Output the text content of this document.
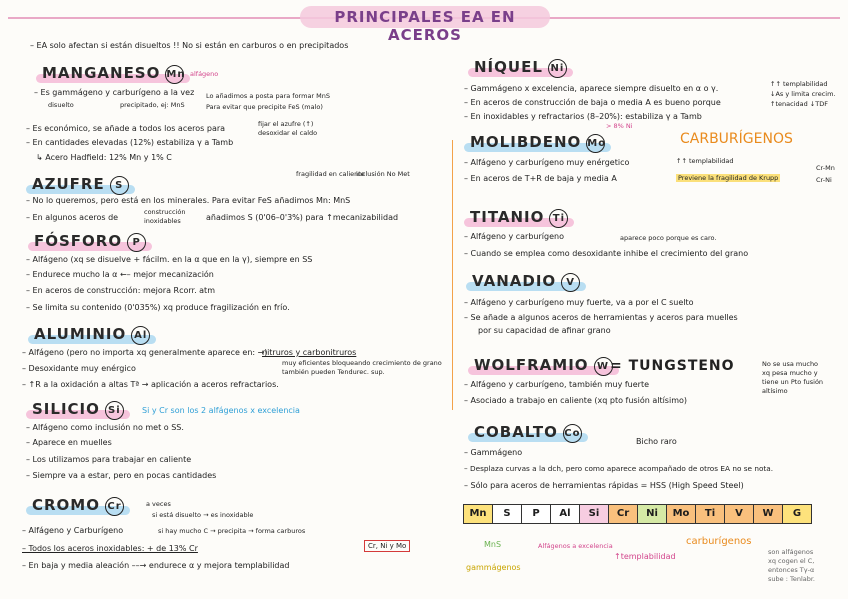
PRINCIPALES EA EN ACEROS
– EA solo afectan si están disueltos !! No si están en carburos o en precipitados
MANGANESO Mn alfágeno
– Es gammágeno y carburígeno a la vez
disuelto	precipitado, ej: MnS
Lo añadimos a posta para formar MnS
Para evitar que precipite FeS (malo)
– Es económico, se añade a todos los aceros para	fijar el azufre (↑)
desoxidar el caldo
– En cantidades elevadas (12%) estabiliza γ a Tamb
↳ Acero Hadfield: 12% Mn y 1% C
AZUFRE S
fragilidad en caliente
inclusión No Met
– No lo queremos, pero está en los minerales. Para evitar FeS añadimos Mn: MnS
– En algunos aceros de
construcción
inoxidables	añadimos S (0'06–0'3%) para ↑mecanizabilidad
FÓSFORO P
– Alfágeno (xq se disuelve + fácilm. en la α que en la γ), siempre en SS
– Endurece mucho la α ←– mejor mecanización
– En aceros de construcción: mejora Rcorr. atm
– Se limita su contenido (0'035%) xq produce fragilización en frío.
ALUMINIO Al
– Alfágeno (pero no importa xq generalmente aparece en: →)
nitruros y carbonitruros
muy eficientes bloqueando crecimiento de grano
también pueden Tendurec. sup.
– Desoxidante muy enérgico
– ↑R a la oxidación a altas Tª → aplicación a aceros refractarios.
SILICIO Si	Si y Cr son los 2 alfágenos x excelencia
– Alfágeno como inclusión no met o SS.
– Aparece en muelles
– Los utilizamos para trabajar en caliente
– Siempre va a estar, pero en pocas cantidades
CROMO Cr	a veces
si está disuelto → es inoxidable
– Alfágeno y Carburígeno	si hay mucho C → precipita → forma carburos
– Todos los aceros inoxidables: + de 13% Cr
– En baja y media aleación ––→ endurece α y mejora templabilidad
Cr, Ni y Mo
NÍQUEL Ni
– Gammágeno x excelencia, aparece siempre disuelto en α o γ.
– En aceros de construcción de baja o media A es bueno porque
– En inoxidables y refractarios (8–20%): estabiliza γ a Tamb
> 8% Ni
↑↑ templabilidad
↓As y limita crecim.
↑tenacidad ↓TDF
MOLIBDENO Mo	CARBURÍGENOS
– Alfágeno y carburígeno muy enérgetico	↑↑ templabilidad
– En aceros de T+R de baja y media A	Previene la fragilidad de Krupp
Cr-Mn
Cr-Ni
TITANIO Ti
– Alfágeno y carburígeno	aparece poco porque es caro.
– Cuando se emplea como desoxidante inhibe el crecimiento del grano
VANADIO V
– Alfágeno y carburígeno muy fuerte, va a por el C suelto
– Se añade a algunos aceros de herramientas y aceros para muelles
por su capacidad de afinar grano
WOLFRAMIO W = TUNGSTENO	No se usa mucho
xq pesa mucho y
tiene un Pto fusión
altísimo
– Alfágeno y carburígeno, también muy fuerte
– Asociado a trabajo en caliente (xq pto fusión altísimo)
COBALTO Co
Bicho raro
– Gammágeno
– Desplaza curvas a la dch, pero como aparece acompañado de otros EA no se nota.
– Sólo para aceros de herramientas rápidas = HSS (High Speed Steel)
Mn	S	P	Al	Si	Cr	Ni	Mo	Ti	V	W	G
MnS	Alfágenos a excelencia
gammágenos
↑templabilidad
carburígenos
son alfágenos
xq cogen el C,
entonces Tγ-α
sube : Tenlabr.
